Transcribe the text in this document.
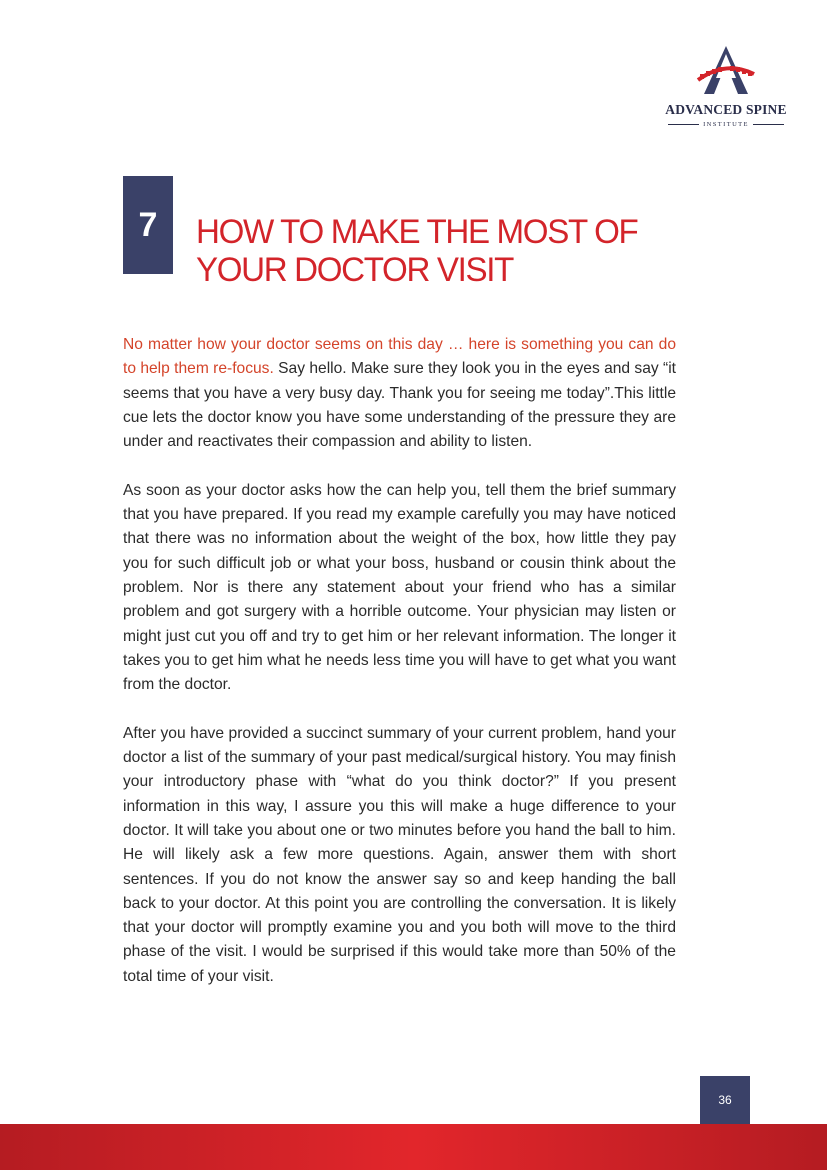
ADVANCED SPINE
INSTITUTE
7 HOW TO MAKE THE MOST OF YOUR DOCTOR VISIT

No matter how your doctor seems on this day … here is something you can do to help them re-focus. Say hello. Make sure they look you in the eyes and say “it seems that you have a very busy day. Thank you for seeing me today”.This little cue lets the doctor know you have some understanding of the pressure they are under and reactivates their compassion and ability to listen.

As soon as your doctor asks how the can help you, tell them the brief summary that you have prepared. If you read my example carefully you may have noticed that there was no information about the weight of the box, how little they pay you for such difficult job or what your boss, husband or cousin think about the problem. Nor is there any statement about your friend who has a similar problem and got surgery with a horrible outcome. Your physician may listen or might just cut you off and try to get him or her relevant information. The longer it takes you to get him what he needs less time you will have to get what you want from the doctor.

After you have provided a succinct summary of your current problem, hand your doctor a list of the summary of your past medical/surgical history. You may finish your introductory phase with “what do you think doctor?” If you present information in this way, I assure you this will make a huge difference to your doctor. It will take you about one or two minutes before you hand the ball to him. He will likely ask a few more questions. Again, answer them with short sentences. If you do not know the answer say so and keep handing the ball back to your doctor. At this point you are controlling the conversation. It is likely that your doctor will promptly examine you and you both will move to the third phase of the visit. I would be surprised if this would take more than 50% of the total time of your visit.

36
